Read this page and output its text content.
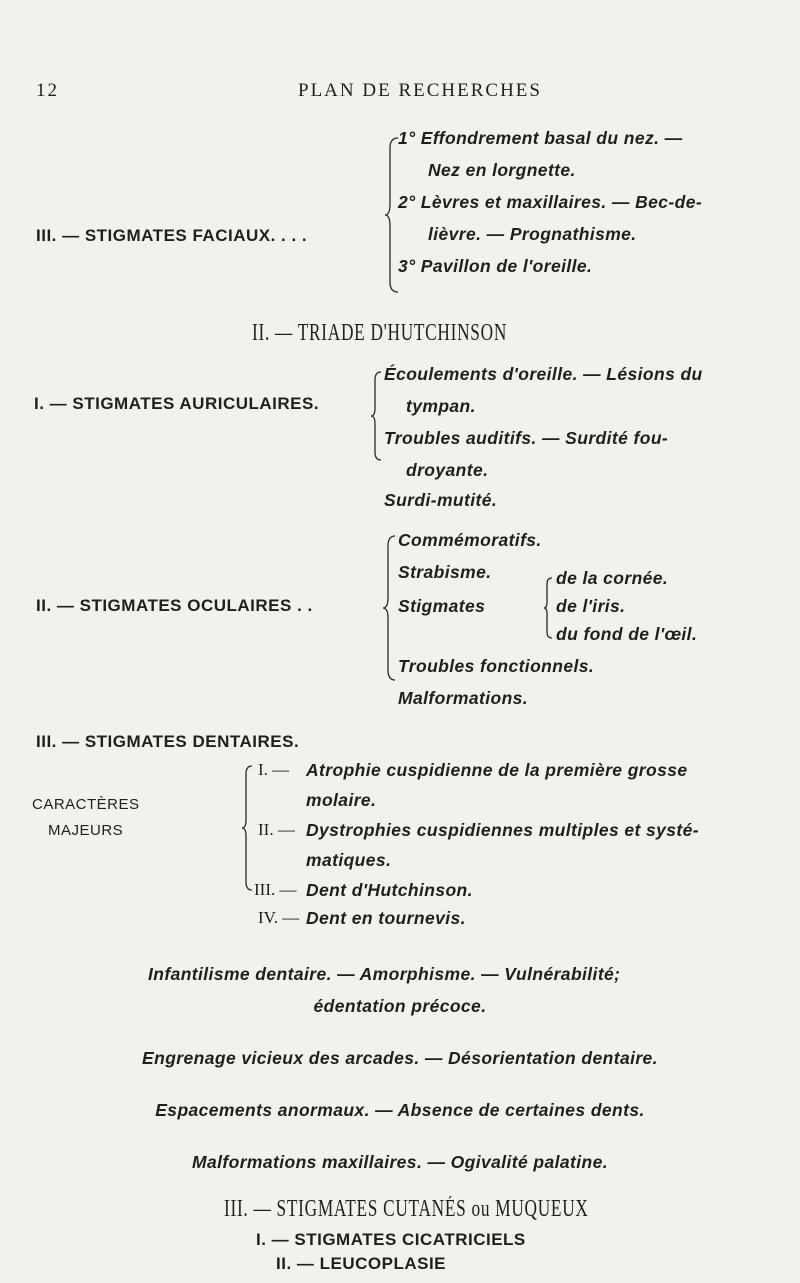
12	PLAN DE RECHERCHES
III. — STIGMATES FACIAUX. . . .
1° Effondrement basal du nez. —
Nez en lorgnette.
2° Lèvres et maxillaires. — Bec-de-
lièvre. — Prognathisme.
3° Pavillon de l'oreille.
II. — TRIADE D'HUTCHINSON
I. — STIGMATES AURICULAIRES.
Écoulements d'oreille. — Lésions du
tympan.
Troubles auditifs. — Surdité fou-
droyante.
Surdi-mutité.
II. — STIGMATES OCULAIRES . .
Commémoratifs.
Strabisme.
Stigmates
de la cornée.
de l'iris.
du fond de l'œil.
Troubles fonctionnels.
Malformations.
III. — STIGMATES DENTAIRES.
CARACTÈRES
MAJEURS
I. — Atrophie cuspidienne de la première grosse
molaire.
II. — Dystrophies cuspidiennes multiples et systé-
matiques.
III. — Dent d'Hutchinson.
IV. — Dent en tournevis.
Infantilisme dentaire. — Amorphisme. — Vulnérabilité;
édentation précoce.
Engrenage vicieux des arcades. — Désorientation dentaire.
Espacements anormaux. — Absence de certaines dents.
Malformations maxillaires. — Ogivalité palatine.
III. — STIGMATES CUTANÉS ou MUQUEUX
I. — STIGMATES CICATRICIELS
II. — LEUCOPLASIE
